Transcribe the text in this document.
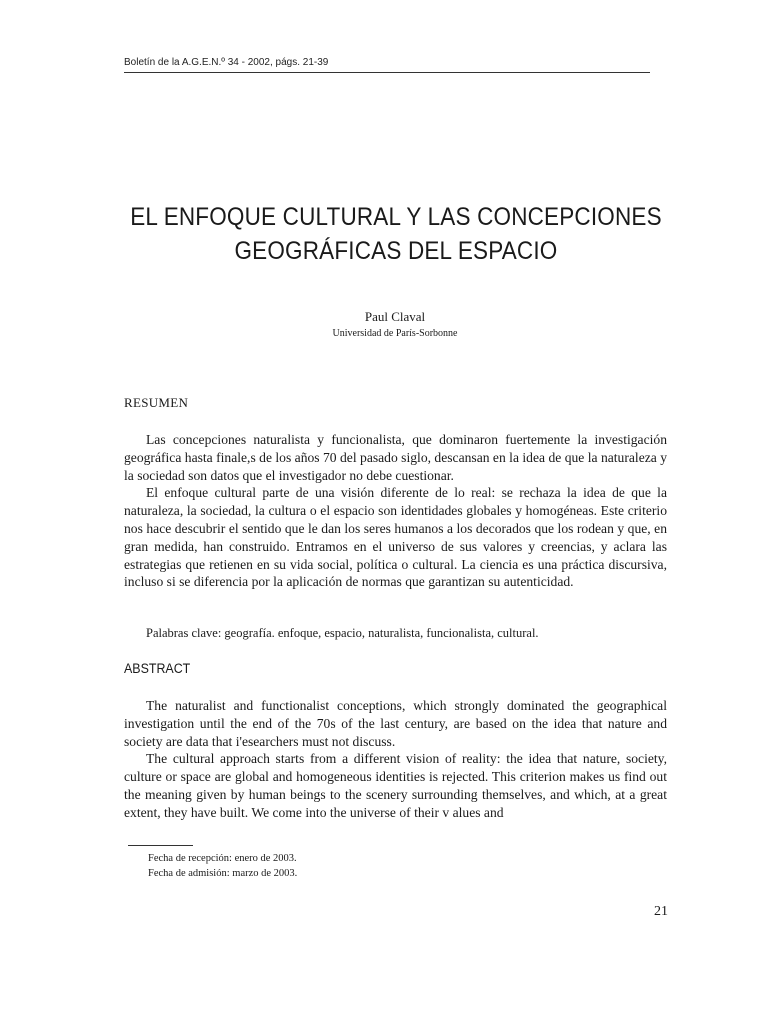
Boletín de la A.G.E.N.º 34 - 2002, págs. 21-39
EL ENFOQUE CULTURAL Y LAS CONCEPCIONES
GEOGRÁFICAS DEL ESPACIO
Paul Claval
Universidad de París-Sorbonne
RESUMEN

Las concepciones naturalista y funcionalista, que dominaron fuertemente la investigación geográfica hasta finale,s de los años 70 del pasado siglo, descansan en la idea de que la naturaleza y la sociedad son datos que el investigador no debe cuestionar.

El enfoque cultural parte de una visión diferente de lo real: se rechaza la idea de que la naturaleza, la sociedad, la cultura o el espacio son identidades globales y homogéneas. Este criterio nos hace descubrir el sentido que le dan los seres humanos a los decorados que los rodean y que, en gran medida, han construido. Entramos en el universo de sus valores y creencias, y aclara las estrategias que retienen en su vida social, política o cultural. La ciencia es una práctica discursiva, incluso si se diferencia por la aplicación de normas que garantizan su autenticidad.

Palabras clave: geografía. enfoque, espacio, naturalista, funcionalista, cultural.
ABSTRACT

The naturalist and functionalist conceptions, which strongly dominated the geographical investigation until the end of the 70s of the last century, are based on the idea that nature and society are data that i'esearchers must not discuss.

The cultural approach starts from a different vision of reality: the idea that nature, society, culture or space are global and homogeneous identities is rejected. This criterion makes us find out the meaning given by human beings to the scenery surrounding themselves, and which, at a great extent, they have built. We come into the universe of their v alues and

Fecha de recepción: enero de 2003.
Fecha de admisión: marzo de 2003.
21
